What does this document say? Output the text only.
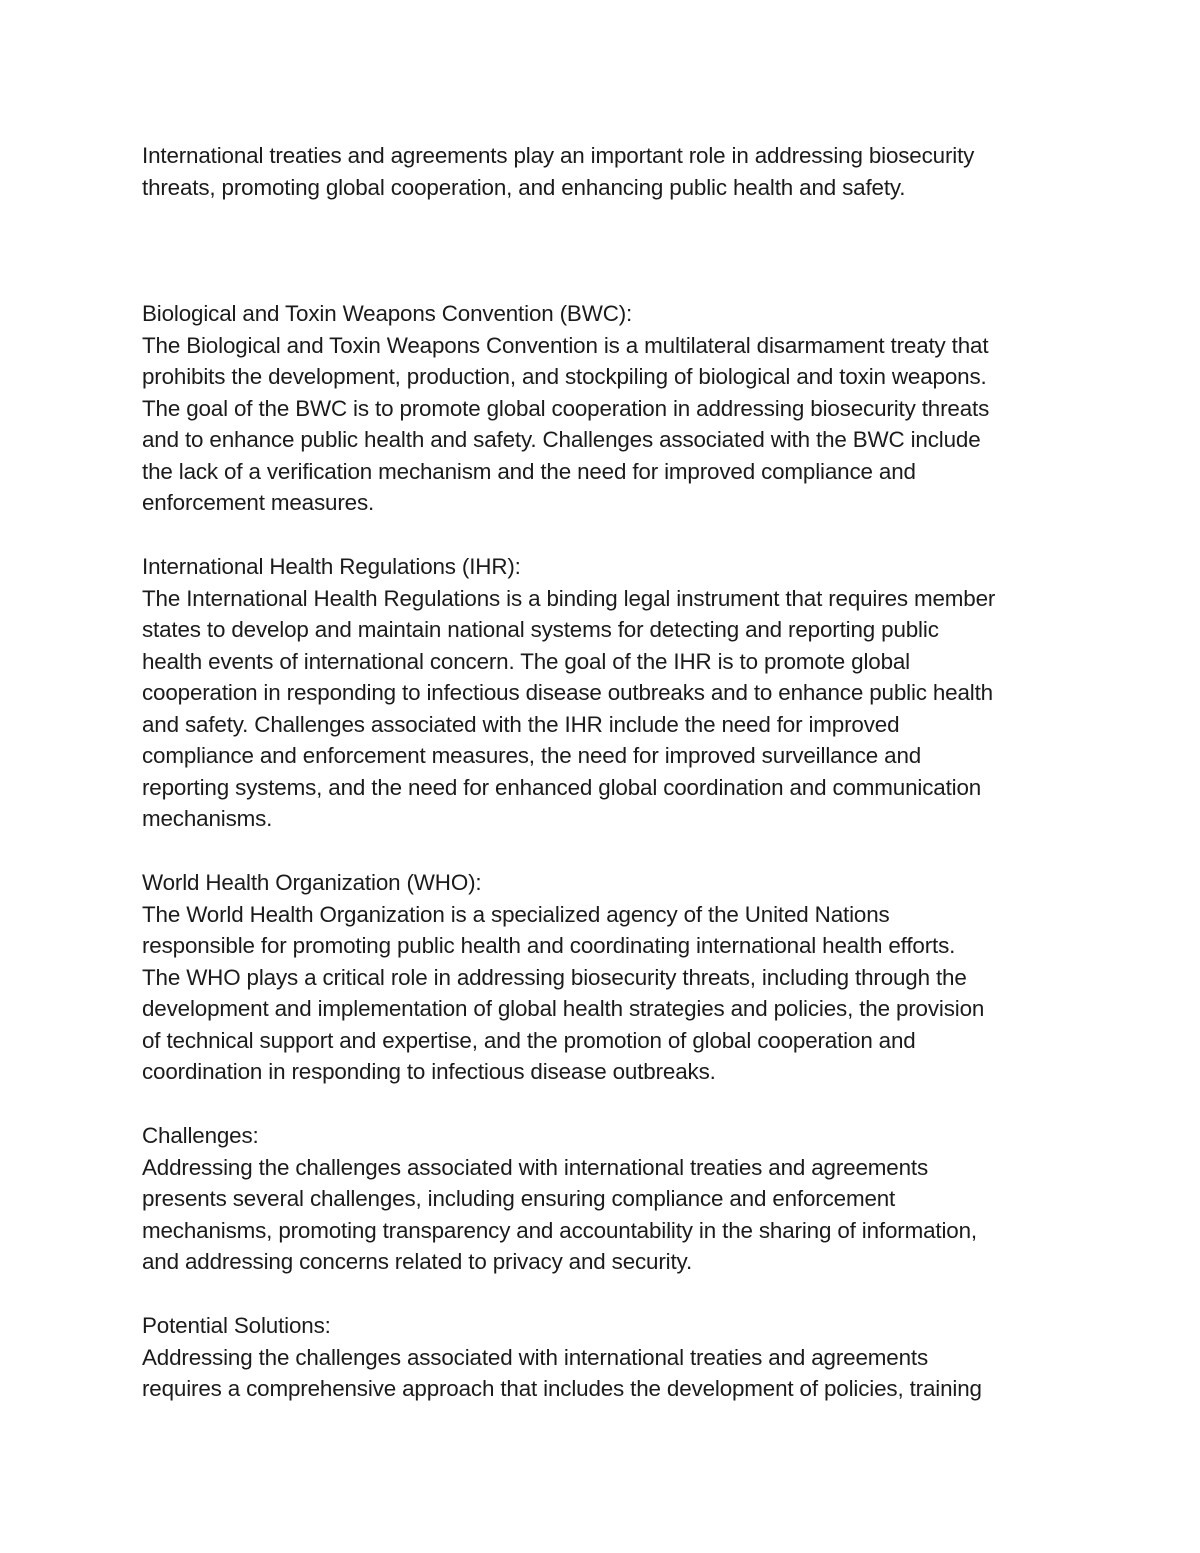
International treaties and agreements play an important role in addressing biosecurity
threats, promoting global cooperation, and enhancing public health and safety.
Biological and Toxin Weapons Convention (BWC):
The Biological and Toxin Weapons Convention is a multilateral disarmament treaty that
prohibits the development, production, and stockpiling of biological and toxin weapons.
The goal of the BWC is to promote global cooperation in addressing biosecurity threats
and to enhance public health and safety. Challenges associated with the BWC include
the lack of a verification mechanism and the need for improved compliance and
enforcement measures.
International Health Regulations (IHR):
The International Health Regulations is a binding legal instrument that requires member
states to develop and maintain national systems for detecting and reporting public
health events of international concern. The goal of the IHR is to promote global
cooperation in responding to infectious disease outbreaks and to enhance public health
and safety. Challenges associated with the IHR include the need for improved
compliance and enforcement measures, the need for improved surveillance and
reporting systems, and the need for enhanced global coordination and communication
mechanisms.
World Health Organization (WHO):
The World Health Organization is a specialized agency of the United Nations
responsible for promoting public health and coordinating international health efforts.
The WHO plays a critical role in addressing biosecurity threats, including through the
development and implementation of global health strategies and policies, the provision
of technical support and expertise, and the promotion of global cooperation and
coordination in responding to infectious disease outbreaks.
Challenges:
Addressing the challenges associated with international treaties and agreements
presents several challenges, including ensuring compliance and enforcement
mechanisms, promoting transparency and accountability in the sharing of information,
and addressing concerns related to privacy and security.
Potential Solutions:
Addressing the challenges associated with international treaties and agreements
requires a comprehensive approach that includes the development of policies, training
